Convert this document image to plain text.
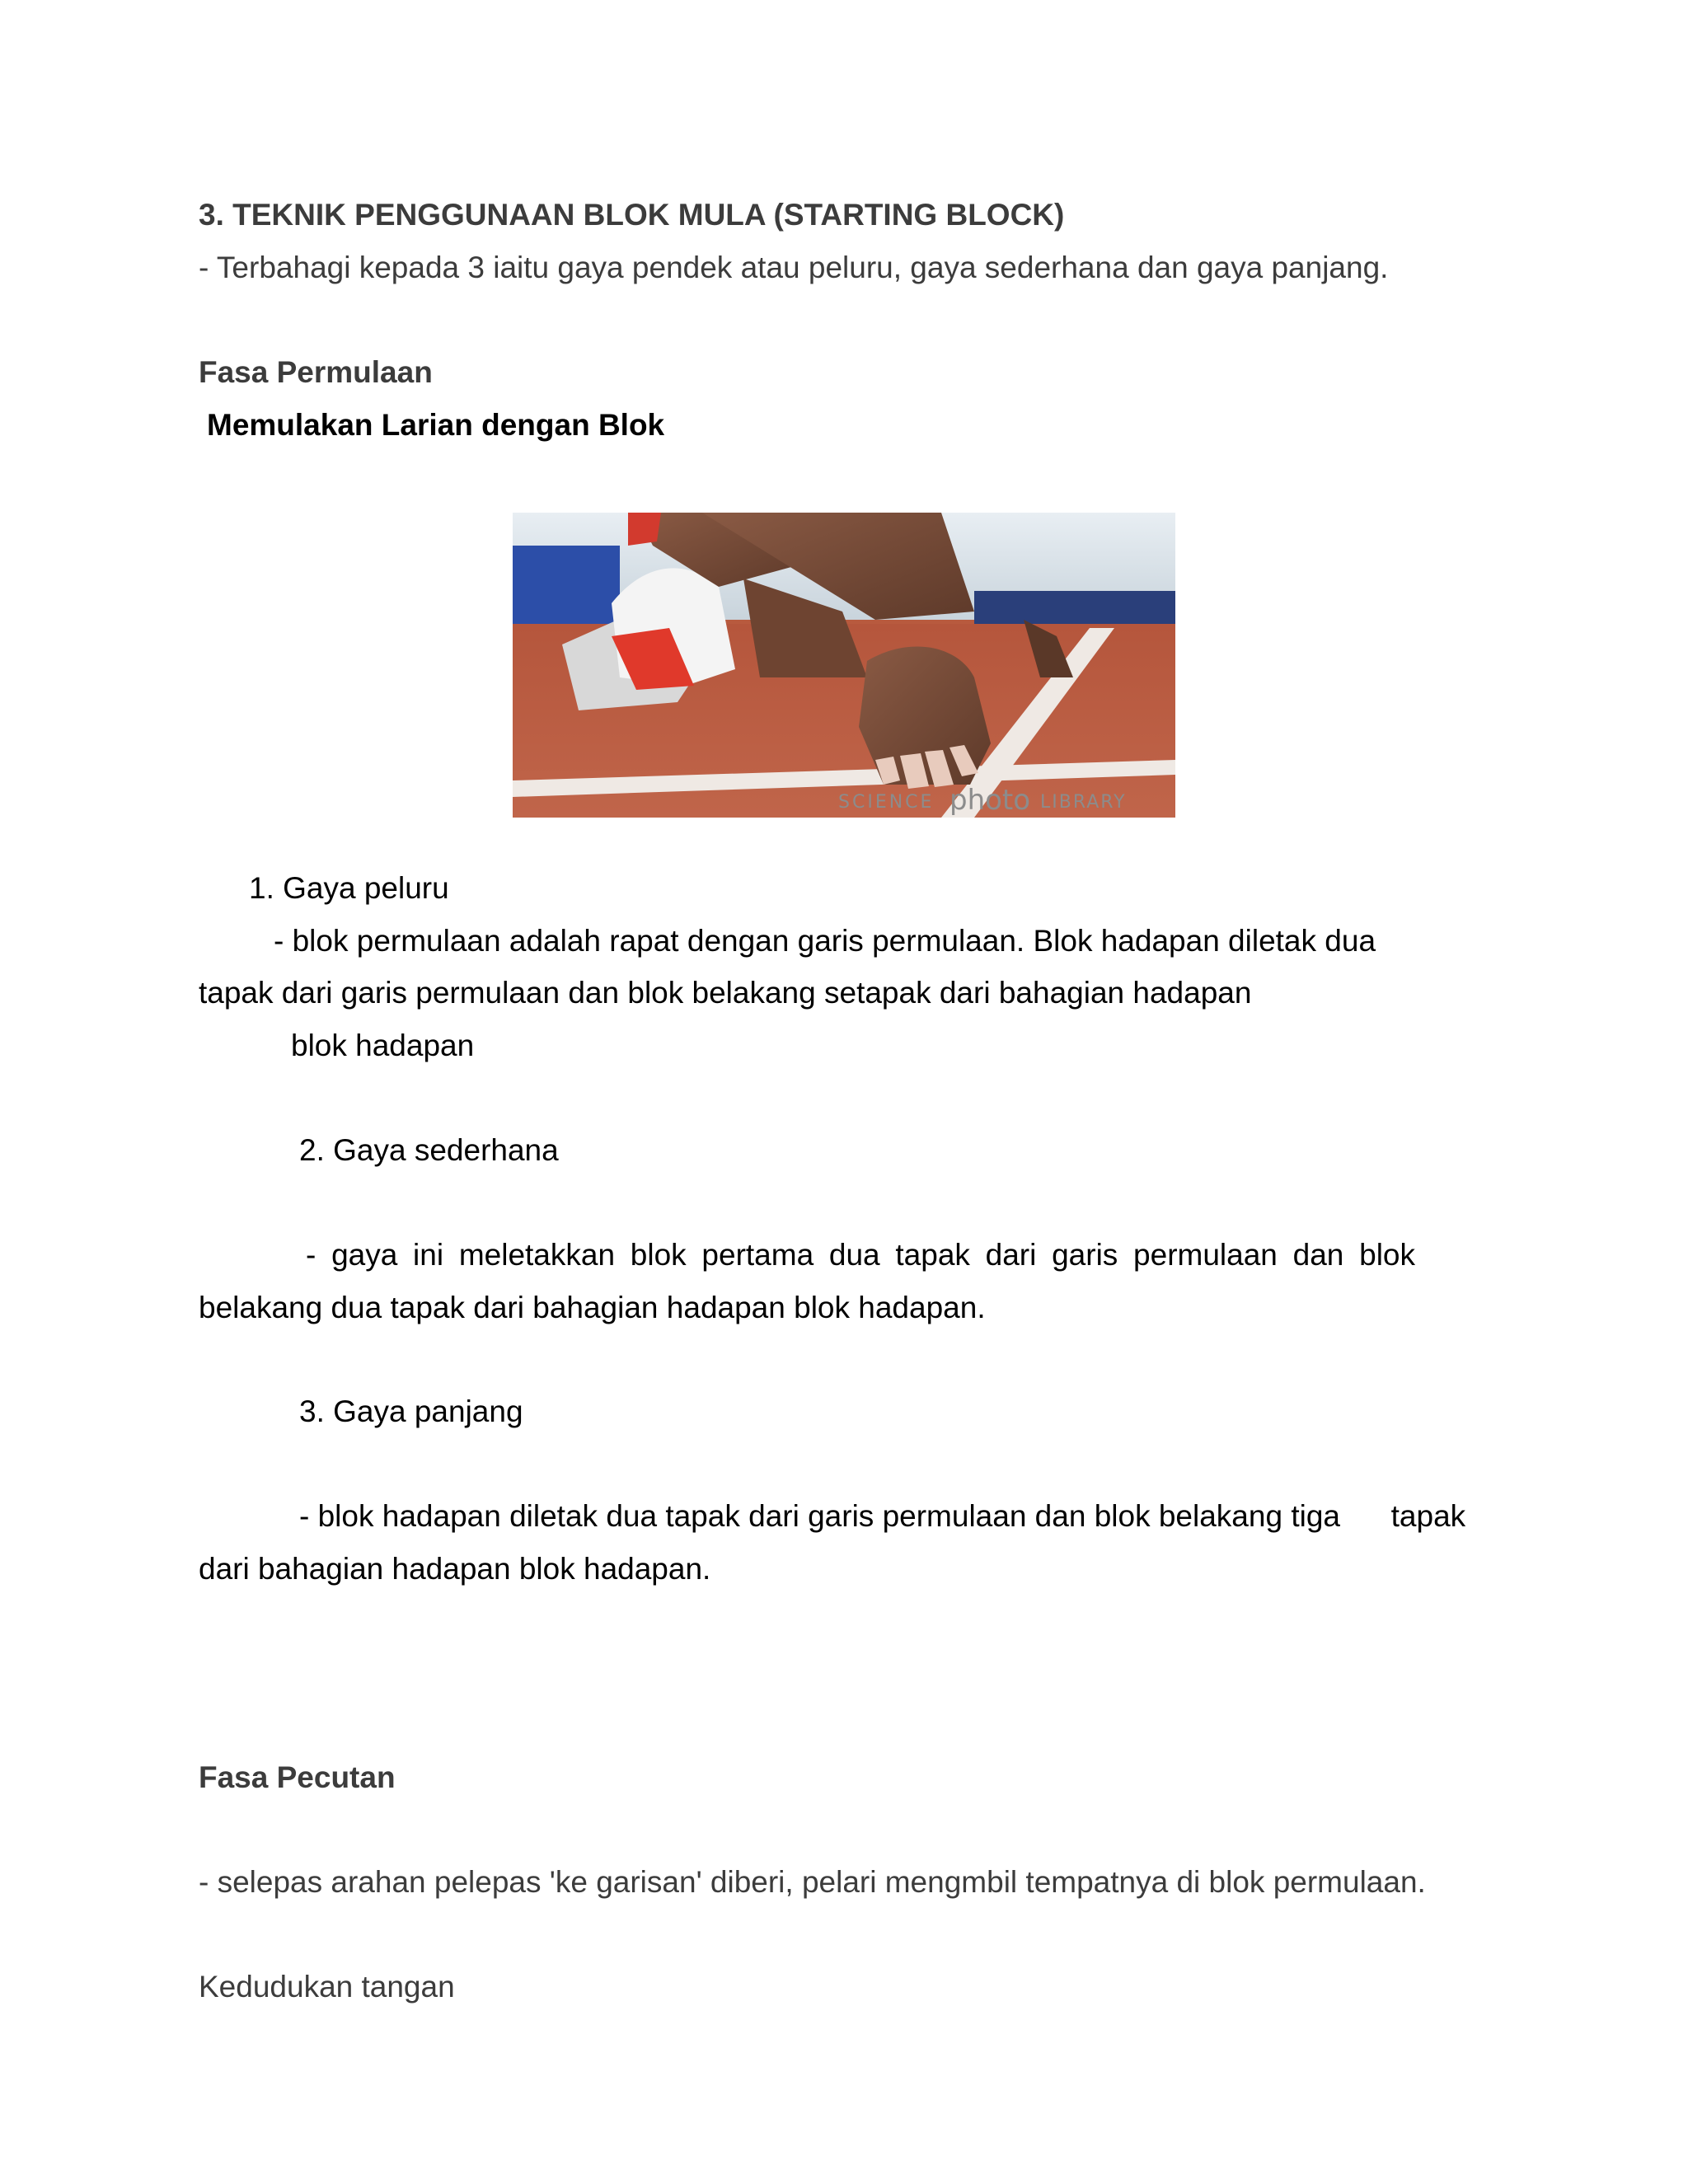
3. TEKNIK PENGGUNAAN BLOK MULA (STARTING BLOCK)
- Terbahagi kepada 3 iaitu gaya pendek atau peluru, gaya sederhana dan gaya panjang.
Fasa Permulaan
Memulakan Larian dengan Blok
SCIENCE photo LIBRARY
1. Gaya peluru
- blok permulaan adalah rapat dengan garis permulaan. Blok hadapan diletak dua
tapak dari garis permulaan dan blok belakang setapak dari bahagian hadapan
blok hadapan
2. Gaya sederhana
- gaya ini meletakkan blok pertama dua tapak dari garis permulaan dan blok
belakang dua tapak dari bahagian hadapan blok hadapan.
3. Gaya panjang
- blok hadapan diletak dua tapak dari garis permulaan dan blok belakang tiga      tapak
dari bahagian hadapan blok hadapan.
Fasa Pecutan
- selepas arahan pelepas 'ke garisan' diberi, pelari mengmbil tempatnya di blok permulaan.
Kedudukan tangan
